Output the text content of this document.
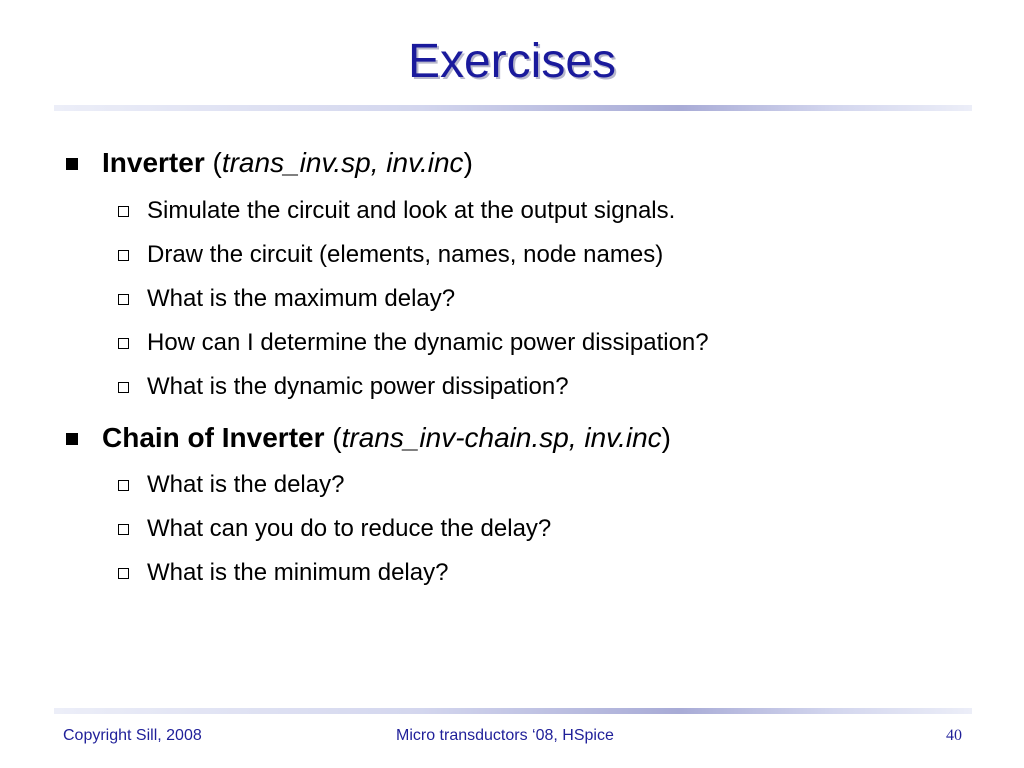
Exercises
Inverter (trans_inv.sp, inv.inc)
Simulate the circuit and look at the output signals.
Draw the circuit (elements, names, node names)
What is the maximum delay?
How can I determine the dynamic power dissipation?
What is the dynamic power dissipation?
Chain of Inverter (trans_inv-chain.sp, inv.inc)
What is the delay?
What can you do to reduce the delay?
What is the minimum delay?
Copyright Sill, 2008	Micro transductors ‘08, HSpice	40
